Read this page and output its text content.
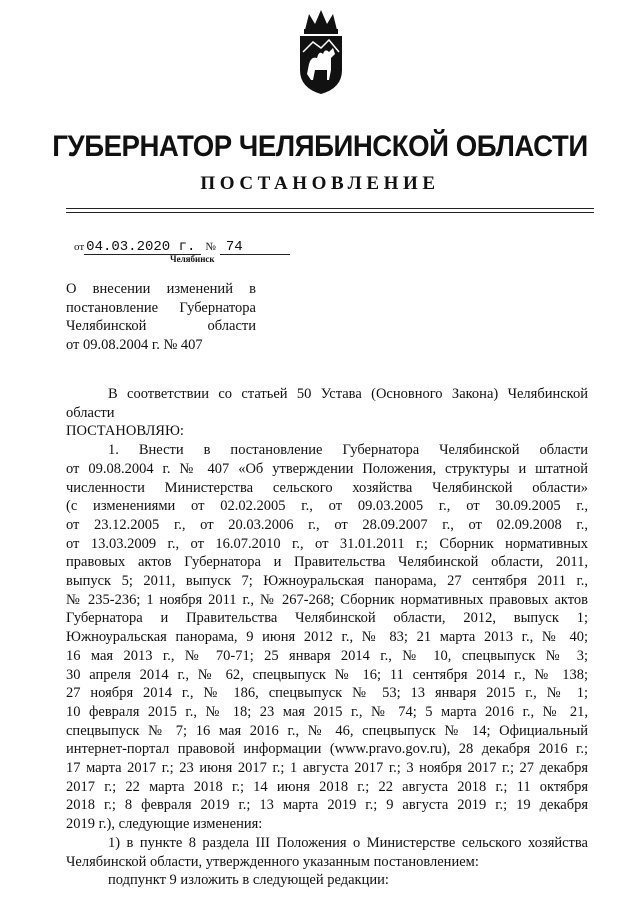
ГУБЕРНАТОР ЧЕЛЯБИНСКОЙ ОБЛАСТИ
ПОСТАНОВЛЕНИЕ
от 04.03.2020 г. № 74
Челябинск
О внесении изменений в
постановление Губернатора
Челябинской области
от 09.08.2004 г. № 407
В соответствии со статьей 50 Устава (Основного Закона) Челябинской
области
ПОСТАНОВЛЯЮ:
1. Внести в постановление Губернатора Челябинской области
от 09.08.2004 г. № 407 «Об утверждении Положения, структуры и штатной
численности Министерства сельского хозяйства Челябинской области»
(с изменениями от 02.02.2005 г., от 09.03.2005 г., от 30.09.2005 г.,
от 23.12.2005 г., от 20.03.2006 г., от 28.09.2007 г., от 02.09.2008 г.,
от 13.03.2009 г., от 16.07.2010 г., от 31.01.2011 г.; Сборник нормативных
правовых актов Губернатора и Правительства Челябинской области, 2011,
выпуск 5; 2011, выпуск 7; Южноуральская панорама, 27 сентября 2011 г.,
№ 235-236; 1 ноября 2011 г., № 267-268; Сборник нормативных правовых актов
Губернатора и Правительства Челябинской области, 2012, выпуск 1;
Южноуральская панорама, 9 июня 2012 г., № 83; 21 марта 2013 г., № 40;
16 мая 2013 г., № 70-71; 25 января 2014 г., № 10, спецвыпуск № 3;
30 апреля 2014 г., № 62, спецвыпуск № 16; 11 сентября 2014 г., № 138;
27 ноября 2014 г., № 186, спецвыпуск № 53; 13 января 2015 г., № 1;
10 февраля 2015 г., № 18; 23 мая 2015 г., № 74; 5 марта 2016 г., № 21,
спецвыпуск № 7; 16 мая 2016 г., № 46, спецвыпуск № 14; Официальный
интернет-портал правовой информации (www.pravo.gov.ru), 28 декабря 2016 г.;
17 марта 2017 г.; 23 июня 2017 г.; 1 августа 2017 г.; 3 ноября 2017 г.; 27 декабря
2017 г.; 22 марта 2018 г.; 14 июня 2018 г.; 22 августа 2018 г.; 11 октября
2018 г.; 8 февраля 2019 г.; 13 марта 2019 г.; 9 августа 2019 г.; 19 декабря
2019 г.), следующие изменения:
1) в пункте 8 раздела III Положения о Министерстве сельского хозяйства
Челябинской области, утвержденного указанным постановлением:
подпункт 9 изложить в следующей редакции:
